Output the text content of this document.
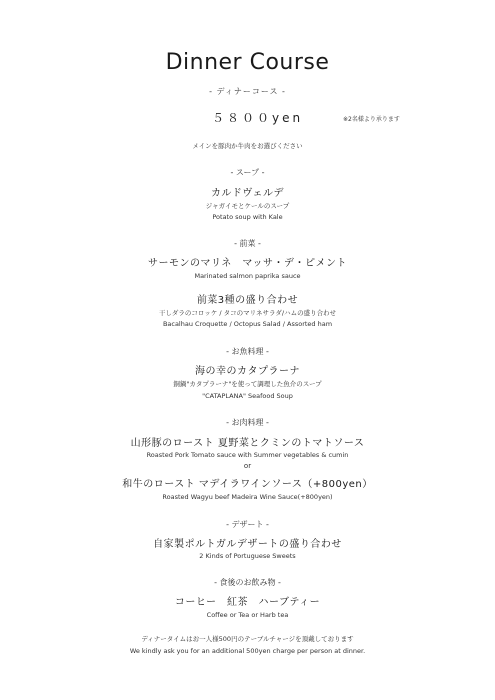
Dinner Course
- ディナーコース -
５８００yen	※2名様より承ります
メインを豚肉か牛肉をお選びください
- スープ -
カルドヴェルデ
ジャガイモとケールのスープ
Potato soup with Kale
- 前菜 -
サーモンのマリネ　マッサ・デ・ピメント
Marinated salmon paprika sauce
前菜3種の盛り合わせ
干しダラのコロッケ / タコのマリネサラダ/ハムの盛り合わせ
Bacalhau Croquette / Octopus Salad / Assorted ham
- お魚料理 -
海の幸のカタプラーナ
銅鍋"カタプラーナ"を使って調理した魚介のスープ
"CATAPLANA" Seafood Soup
- お肉料理 -
山形豚のロースト 夏野菜とクミンのトマトソース
Roasted Pork Tomato sauce with Summer vegetables & cumin
or
和牛のロースト マデイラワインソース（+800yen）
Roasted Wagyu beef Madeira Wine Sauce(+800yen)
- デザート -
自家製ポルトガルデザートの盛り合わせ
2 Kinds of Portuguese Sweets
- 食後のお飲み物 -
コーヒー　紅茶　ハーブティー
Coffee or Tea or Harb tea
ディナータイムはお一人様500円のテーブルチャージを頂戴しております
We kindly ask you for an additional 500yen charge per person at dinner.
